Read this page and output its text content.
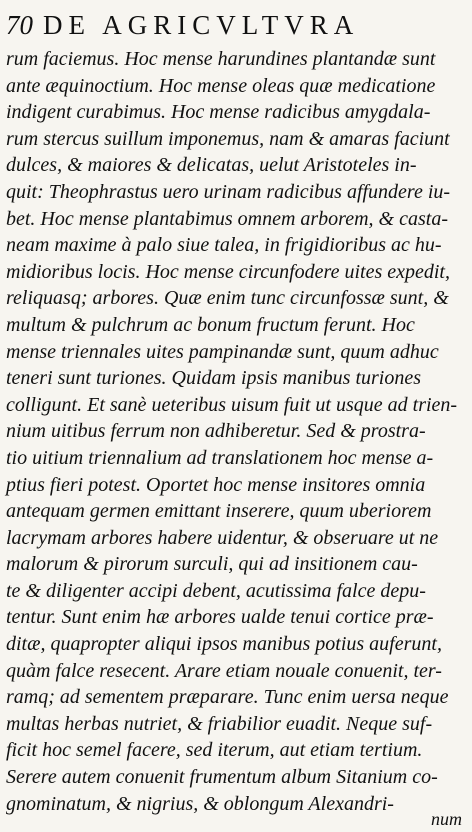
70 DE AGRICVLTVRA
rum faciemus. Hoc mense harundines plantandæ sunt
ante æquinoctium. Hoc mense oleas quæ medicatione
indigent curabimus. Hoc mense radicibus amygdala-
rum stercus suillum imponemus, nam & amaras faciunt
dulces, & maiores & delicatas, uelut Aristoteles in-
quit: Theophrastus uero urinam radicibus affundere iu-
bet. Hoc mense plantabimus omnem arborem, & casta-
neam maxime à palo siue talea, in frigidioribus ac hu-
midioribus locis. Hoc mense circunfodere uites expedit,
reliquasq; arbores. Quæ enim tunc circunfossæ sunt, &
multum & pulchrum ac bonum fructum ferunt. Hoc
mense triennales uites pampinandæ sunt, quum adhuc
teneri sunt turiones. Quidam ipsis manibus turiones
colligunt. Et sanè ueteribus uisum fuit ut usque ad trien-
nium uitibus ferrum non adhiberetur. Sed & prostra-
tio uitium triennalium ad translationem hoc mense a-
ptius fieri potest. Oportet hoc mense insitores omnia
antequam germen emittant inserere, quum uberiorem
lacrymam arbores habere uidentur, & obseruare ut ne
malorum & pirorum surculi, qui ad insitionem cau-
te & diligenter accipi debent, acutissima falce depu-
tentur. Sunt enim hæ arbores ualde tenui cortice præ-
ditæ, quapropter aliqui ipsos manibus potius auferunt,
quàm falce resecent. Arare etiam nouale conuenit, ter-
ramq; ad sementem præparare. Tunc enim uersa neque
multas herbas nutriet, & friabilior euadit. Neque suf-
ficit hoc semel facere, sed iterum, aut etiam tertium.
Serere autem conuenit frumentum album Sitanium co-
gnominatum, & nigrius, & oblongum Alexandri-
num
